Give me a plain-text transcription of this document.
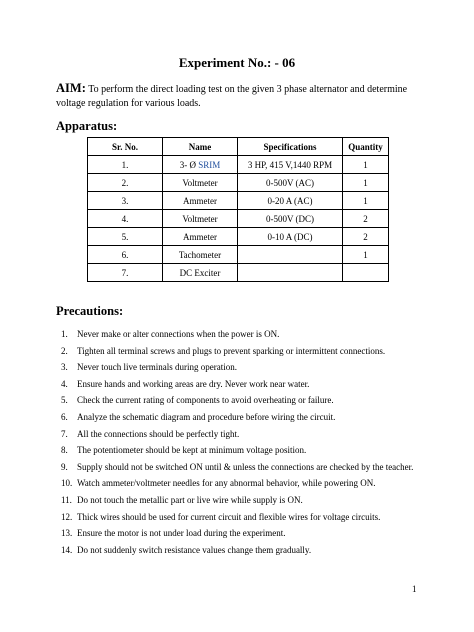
Experiment No.: - 06
AIM: To perform the direct loading test on the given 3 phase alternator and determine voltage regulation for various loads.
Apparatus:
Sr. No.	Name	Specifications	Quantity
1.	3- Ø SRIM	3 HP, 415 V,1440 RPM	1
2.	Voltmeter	0-500V (AC)	1
3.	Ammeter	0-20 A (AC)	1
4.	Voltmeter	0-500V (DC)	2
5.	Ammeter	0-10 A (DC)	2
6.	Tachometer		1
7.	DC Exciter		
Precautions:
1. Never make or alter connections when the power is ON.
2. Tighten all terminal screws and plugs to prevent sparking or intermittent connections.
3. Never touch live terminals during operation.
4. Ensure hands and working areas are dry. Never work near water.
5. Check the current rating of components to avoid overheating or failure.
6. Analyze the schematic diagram and procedure before wiring the circuit.
7. All the connections should be perfectly tight.
8. The potentiometer should be kept at minimum voltage position.
9. Supply should not be switched ON until & unless the connections are checked by the teacher.
10. Watch ammeter/voltmeter needles for any abnormal behavior, while powering ON.
11. Do not touch the metallic part or live wire while supply is ON.
12. Thick wires should be used for current circuit and flexible wires for voltage circuits.
13. Ensure the motor is not under load during the experiment.
14. Do not suddenly switch resistance values change them gradually.
1
